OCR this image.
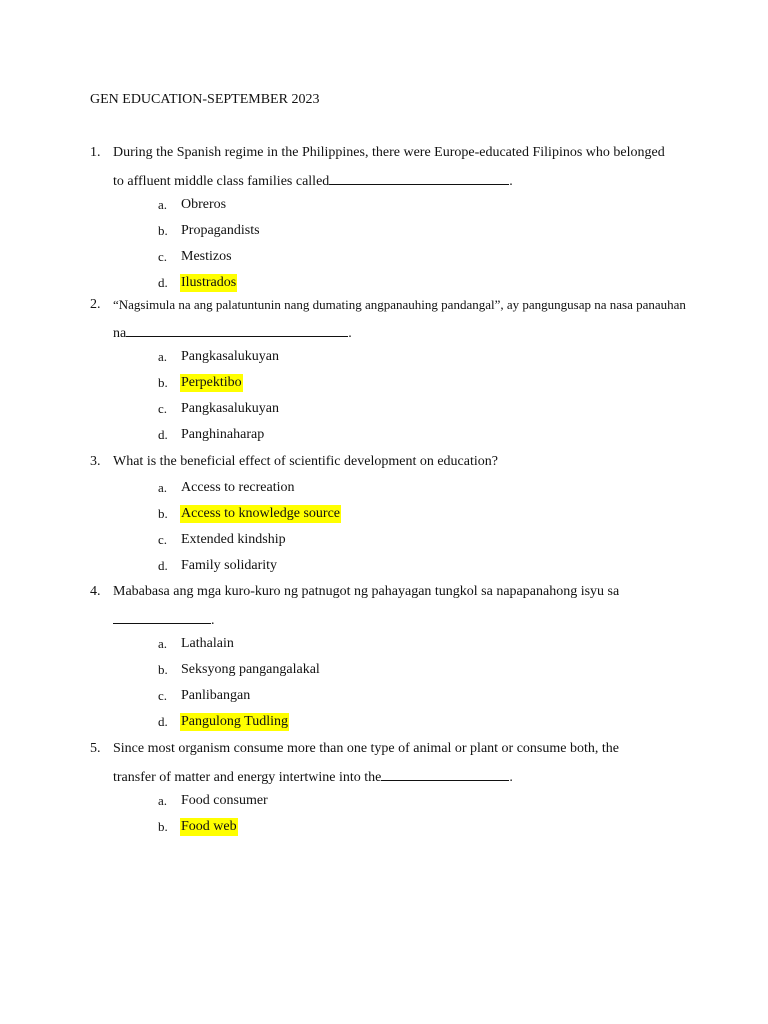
GEN EDUCATION-SEPTEMBER 2023
1. During the Spanish regime in the Philippines, there were Europe-educated Filipinos who belonged
to affluent middle class families called	.
a. Obreros
b. Propagandists
c. Mestizos
d. Ilustrados
2. “Nagsimula na ang palatuntunin nang dumating angpanauhing pandangal”, ay pangungusap na nasa panauhan
na	.
a. Pangkasalukuyan
b. Perpektibo
c. Pangkasalukuyan
d. Panghinaharap
3. What is the beneficial effect of scientific development on education?
a. Access to recreation
b. Access to knowledge source
c. Extended kindship
d. Family solidarity
4. Mababasa ang mga kuro-kuro ng patnugot ng pahayagan tungkol sa napapanahong isyu sa
.
a. Lathalain
b. Seksyong pangangalakal
c. Panlibangan
d. Pangulong Tudling
5. Since most organism consume more than one type of animal or plant or consume both, the
transfer of matter and energy intertwine into the	.
a. Food consumer
b. Food web
